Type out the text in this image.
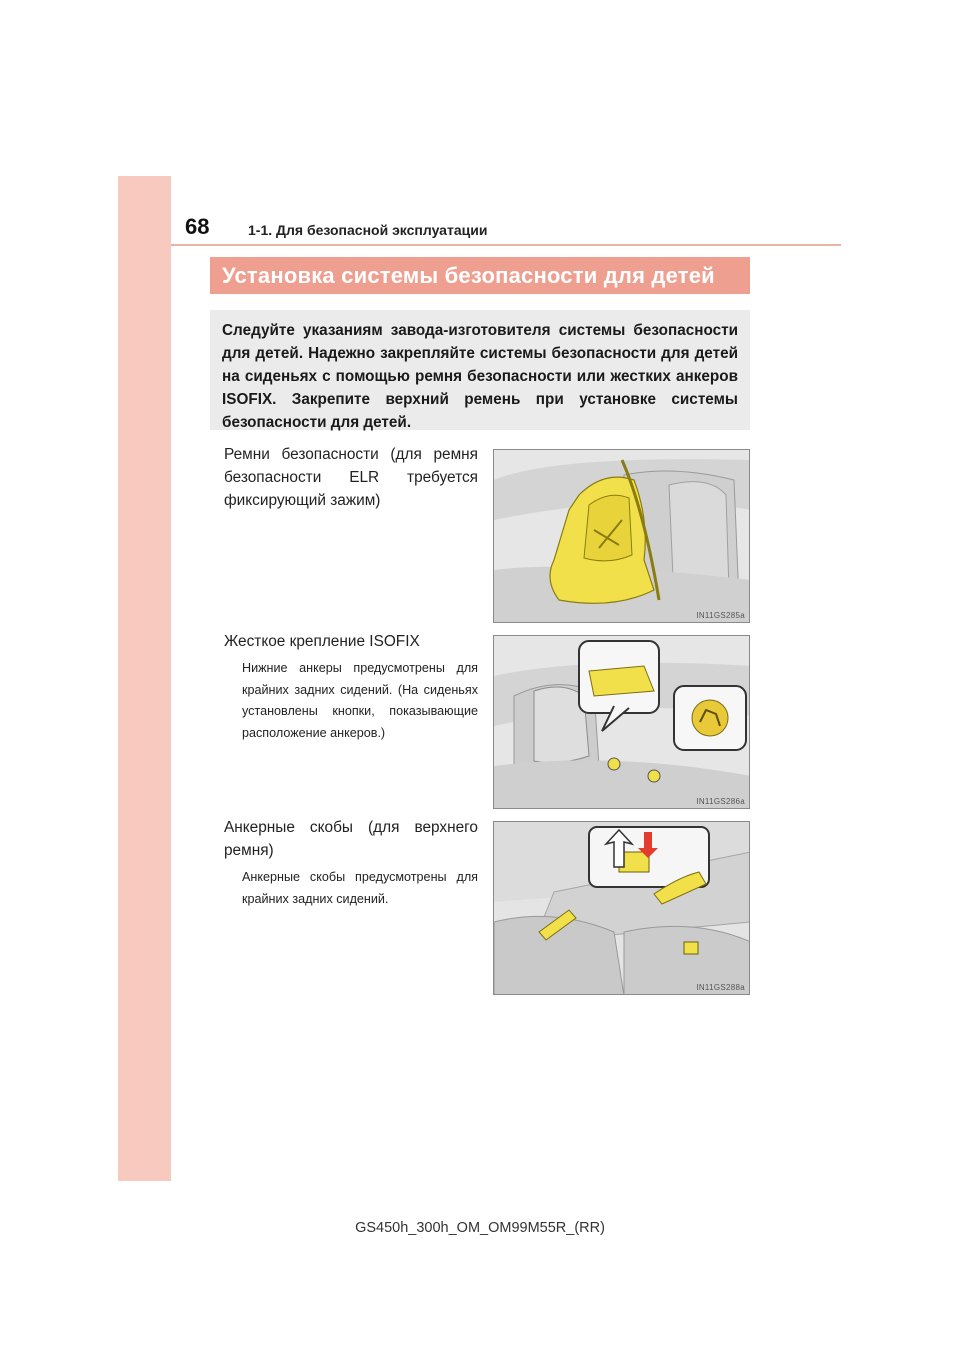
68	1-1. Для безопасной эксплуатации
Установка системы безопасности для детей
Следуйте указаниям завода-изготовителя системы безопасности для детей. Надежно закрепляйте системы безопасности для детей на сиденьях с помощью ремня безопасности или жестких анкеров ISOFIX. Закрепите верхний ремень при установке системы безопасности для детей.
Ремни безопасности (для ремня безопасности ELR требуется фиксирующий зажим)
IN11GS285a
Жесткое крепление ISOFIX
Нижние анкеры предусмотрены для крайних задних сидений. (На сиденьях установлены кнопки, показывающие расположение анкеров.)
IN11GS286a
Анкерные скобы (для верхнего ремня)
Анкерные скобы предусмотрены для крайних задних сидений.
IN11GS288a
GS450h_300h_OM_OM99M55R_(RR)
